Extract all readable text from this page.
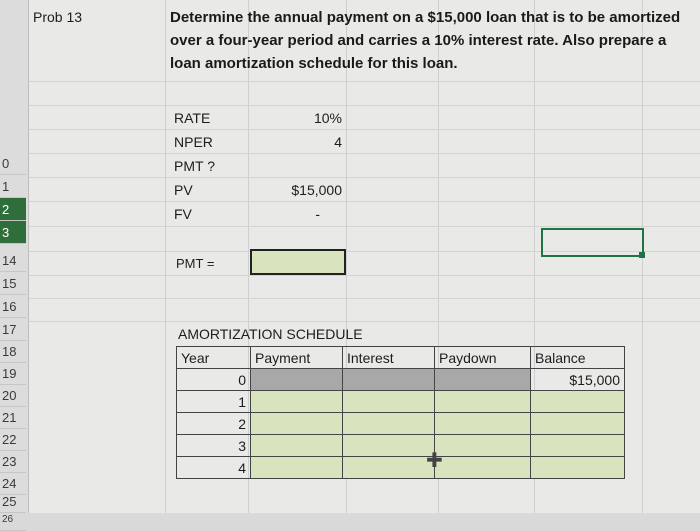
0
1
2
3
14
15
16
17
18
19
20
21
22
23
24
25
26
Prob 13	Determine the annual payment on a $15,000 loan that is to be amortized
over a four-year period and carries a 10% interest rate. Also prepare a
loan amortization schedule for this loan.
RATE	10%
NPER	4
PMT ?
PV	$15,000
FV	-
PMT =
AMORTIZATION SCHEDULE
Year	Payment	Interest	Paydown	Balance
0				$15,000
1				
2				
3				
4					✚
